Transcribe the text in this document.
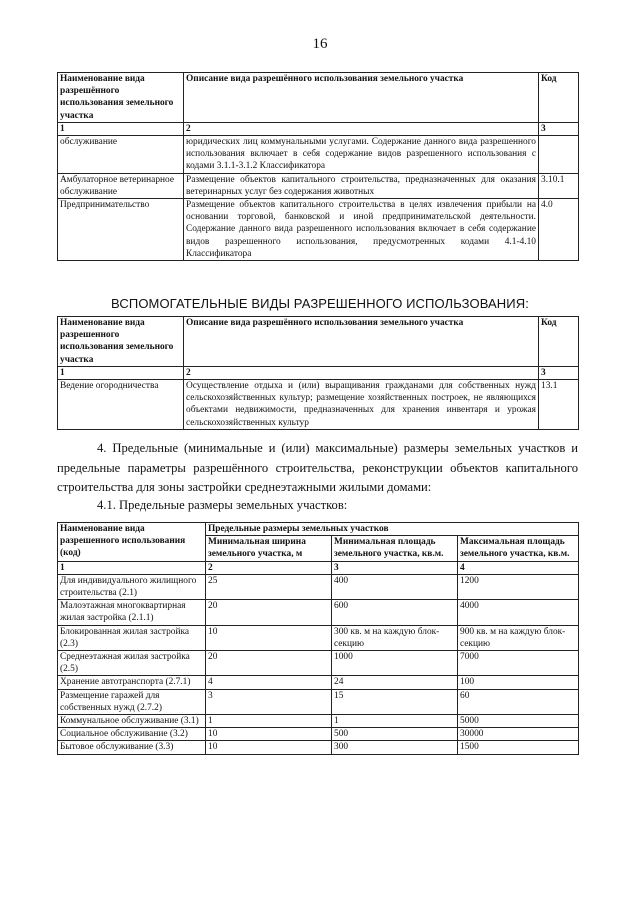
16
Наименование вида разрешённого использования земельного участка	Описание вида разрешённого использования земельного участка	Код
1	2	3
обслуживание	юридических лиц коммунальными услугами. Содержание данного вида разрешенного использования включает в себя содержание видов разрешенного использования с кодами 3.1.1-3.1.2 Классификатора	
Амбулаторное ветеринарное обслуживание	Размещение объектов капитального строительства, предназначенных для оказания ветеринарных услуг без содержания животных	3.10.1
Предпринимательство	Размещение объектов капитального строительства в целях извлечения прибыли на основании торговой, банковской и иной предпринимательской деятельности. Содержание данного вида разрешенного использования включает в себя содержание видов разрешенного использования, предусмотренных кодами 4.1-4.10 Классификатора	4.0
ВСПОМОГАТЕЛЬНЫЕ ВИДЫ РАЗРЕШЕННОГО ИСПОЛЬЗОВАНИЯ:
Наименование вида разрешенного использования земельного участка	Описание вида разрешённого использования земельного участка	Код
1	2	3
Ведение огородничества	Осуществление отдыха и (или) выращивания гражданами для собственных нужд сельскохозяйственных культур; размещение хозяйственных построек, не являющихся объектами недвижимости, предназначенных для хранения инвентаря и урожая сельскохозяйственных культур	13.1
4. Предельные (минимальные и (или) максимальные) размеры земельных участков и предельные параметры разрешённого строительства, реконструкции объектов капитального строительства для зоны застройки среднеэтажными жилыми домами:
4.1. Предельные размеры земельных участков:
Наименование вида разрешенного использования (код)	Предельные размеры земельных участков		
	Минимальная ширина земельного участка, м	Минимальная площадь земельного участка, кв.м.	Максимальная площадь земельного участка, кв.м.
1	2	3	4
Для индивидуального жилищного строительства (2.1)	25	400	1200
Малоэтажная многоквартирная жилая застройка (2.1.1)	20	600	4000
Блокированная жилая застройка (2.3)	10	300 кв. м на каждую блок-секцию	900 кв. м на каждую блок-секцию
Среднеэтажная жилая застройка (2.5)	20	1000	7000
Хранение автотранспорта (2.7.1)	4	24	100
Размещение гаражей для собственных нужд (2.7.2)	3	15	60
Коммунальное обслуживание (3.1)	1	1	5000
Социальное обслуживание (3.2)	10	500	30000
Бытовое обслуживание (3.3)	10	300	1500
